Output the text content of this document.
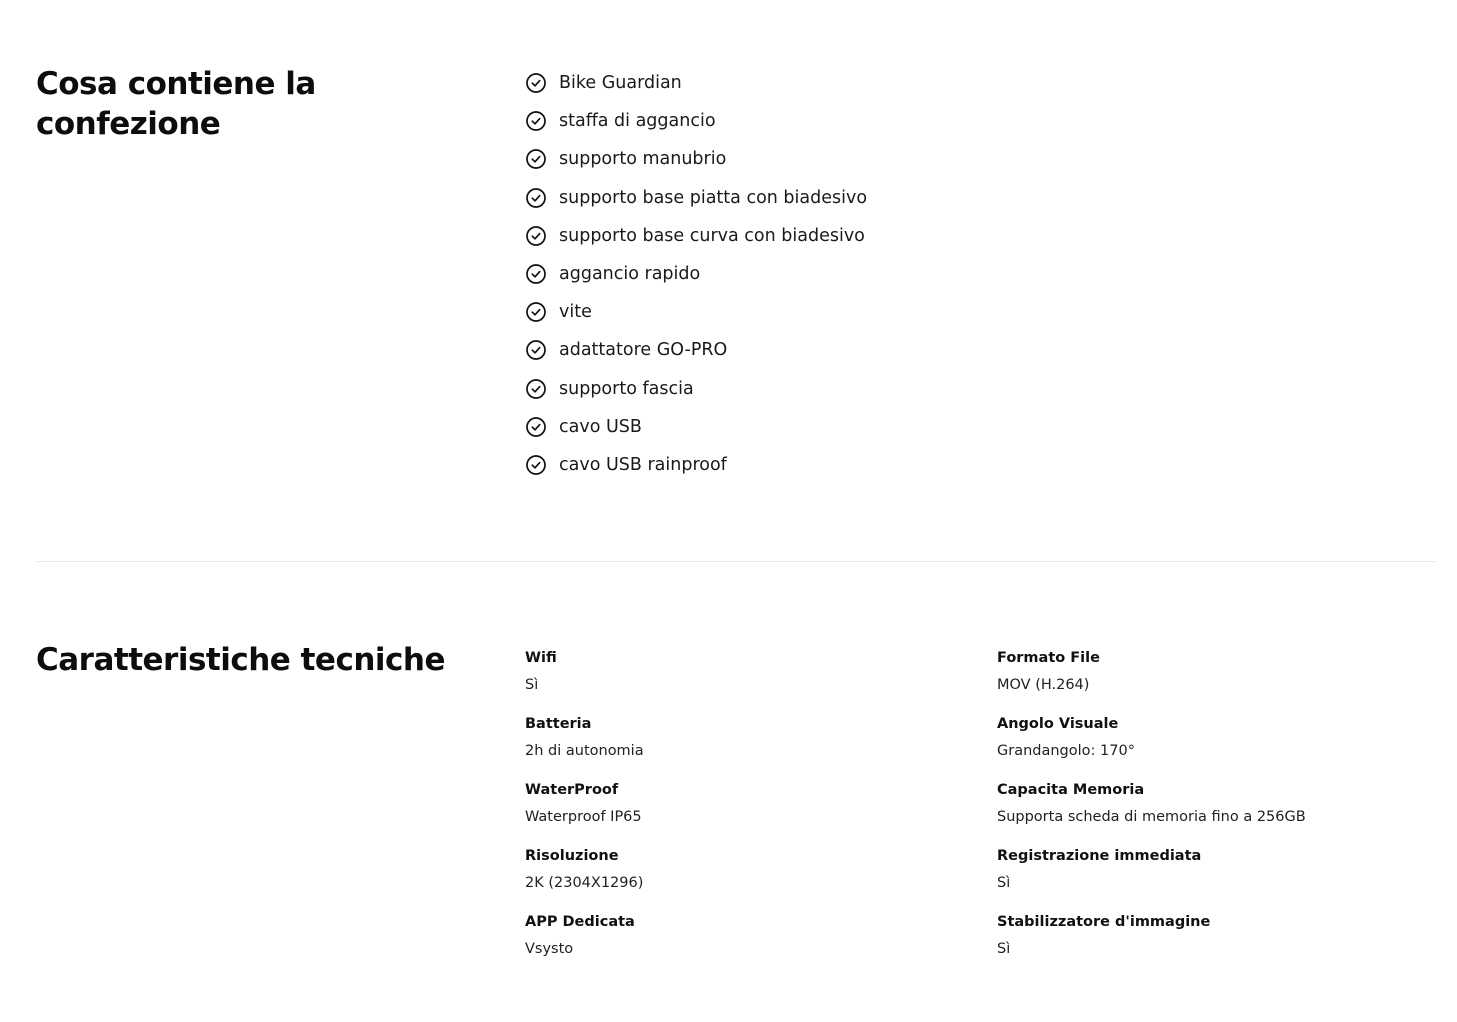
Cosa contiene la confezione
Bike Guardian
staffa di aggancio
supporto manubrio
supporto base piatta con biadesivo
supporto base curva con biadesivo
aggancio rapido
vite
adattatore GO-PRO
supporto fascia
cavo USB
cavo USB rainproof
Caratteristiche tecniche	Wifi
Sì
Batteria
2h di autonomia
WaterProof
Waterproof IP65
Risoluzione
2K (2304X1296)
APP Dedicata
Vsysto
Formato File
MOV (H.264)
Angolo Visuale
Grandangolo: 170°
Capacita Memoria
Supporta scheda di memoria fino a 256GB
Registrazione immediata
Sì
Stabilizzatore d'immagine
Sì
